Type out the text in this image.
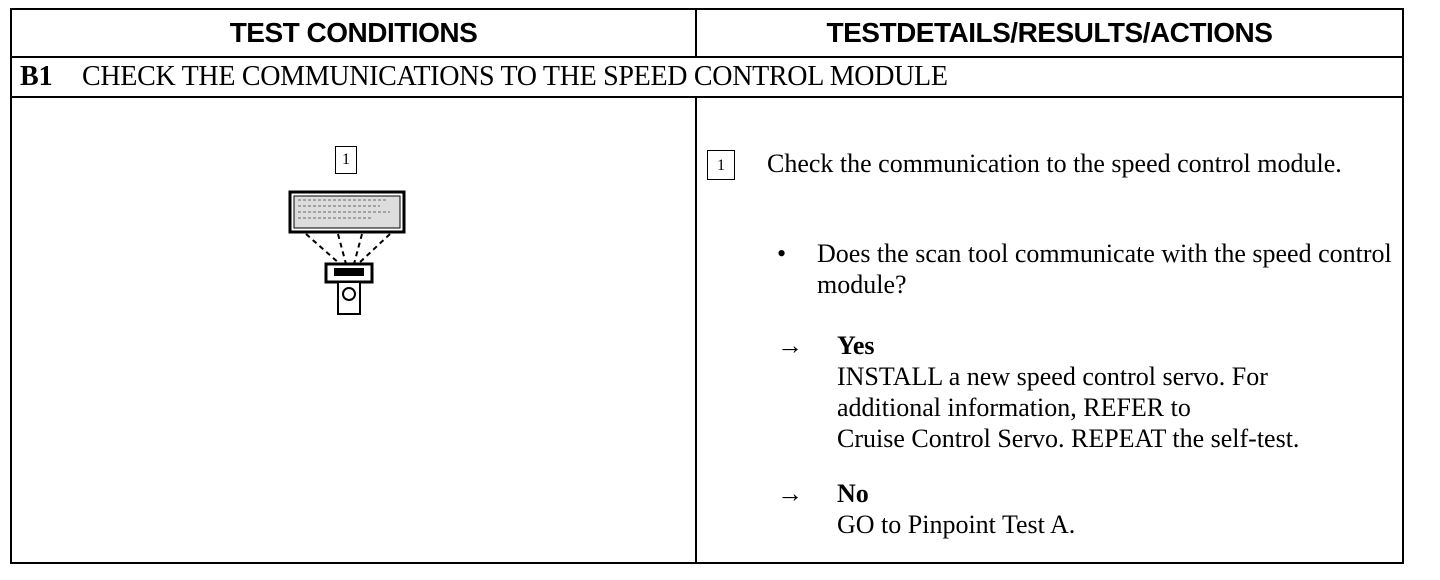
TEST CONDITIONS	TESTDETAILS/RESULTS/ACTIONS
B1	CHECK THE COMMUNICATIONS TO THE SPEED CONTROL MODULE
1	1	Check the communication to the speed control module.
• Does the scan tool communicate with the speed control module?
→ Yes
INSTALL a new speed control servo. For
additional information, REFER to
Cruise Control Servo. REPEAT the self-test.
→ No
GO to Pinpoint Test A.
